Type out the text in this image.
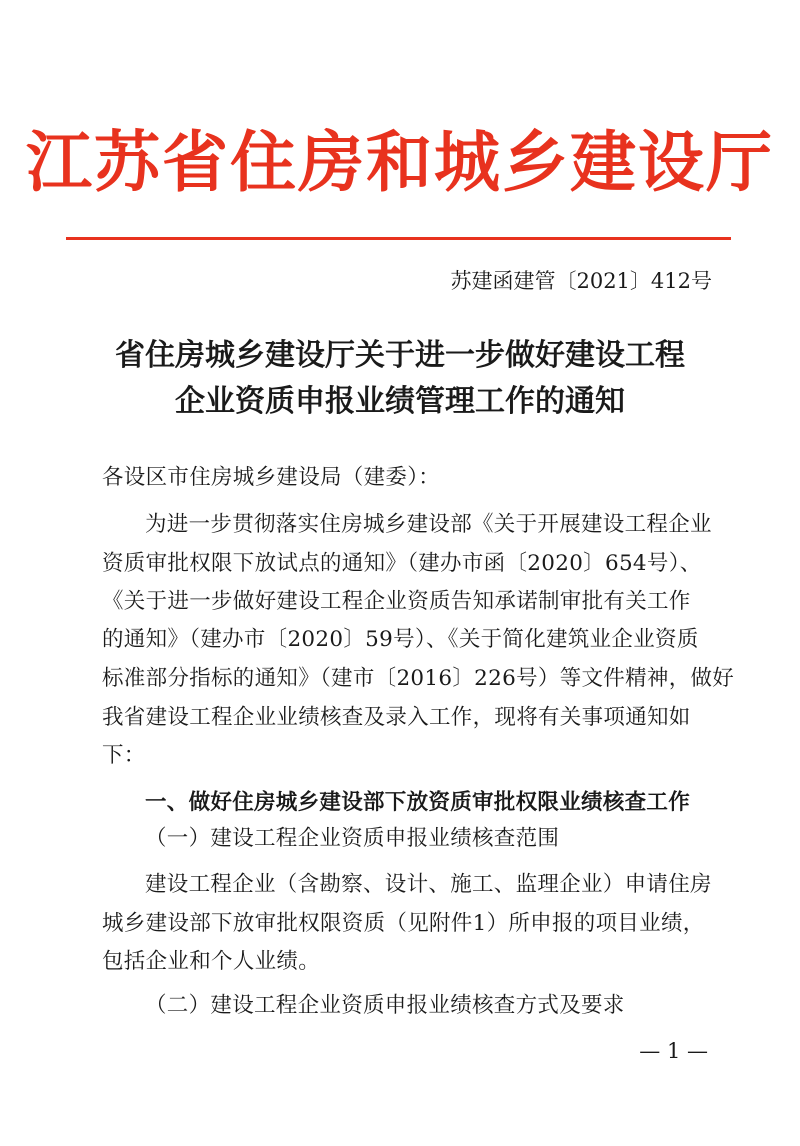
江苏省住房和城乡建设厅
苏建函建管〔2021〕412号
省住房城乡建设厅关于进一步做好建设工程
企业资质申报业绩管理工作的通知
各设区市住房城乡建设局（建委）：
为进一步贯彻落实住房城乡建设部《关于开展建设工程企业
资质审批权限下放试点的通知》（建办市函〔2020〕654号）、
《关于进一步做好建设工程企业资质告知承诺制审批有关工作
的通知》（建办市〔2020〕59号）、《关于简化建筑业企业资质
标准部分指标的通知》（建市〔2016〕226号）等文件精神，做好
我省建设工程企业业绩核查及录入工作，现将有关事项通知如
下：
一、做好住房城乡建设部下放资质审批权限业绩核查工作
（一）建设工程企业资质申报业绩核查范围
建设工程企业（含勘察、设计、施工、监理企业）申请住房
城乡建设部下放审批权限资质（见附件1）所申报的项目业绩，
包括企业和个人业绩。
（二）建设工程企业资质申报业绩核查方式及要求
— 1 —
